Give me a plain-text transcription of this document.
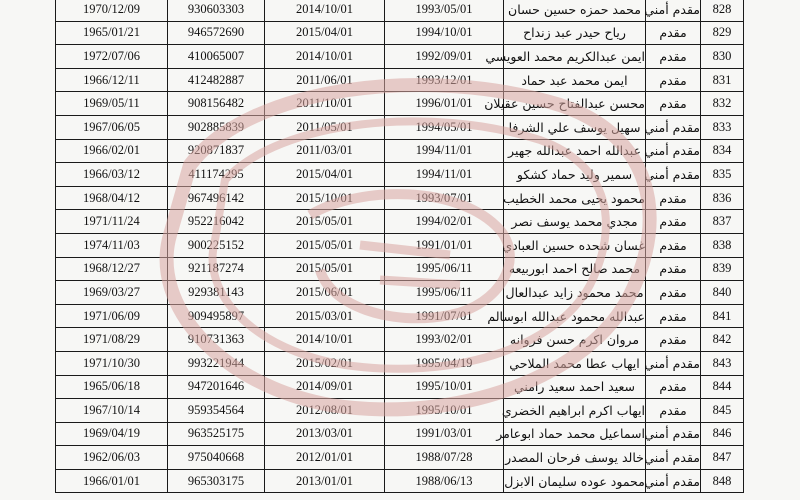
1970/12/09	930603303	2014/10/01	1993/05/01	محمد حمزه حسين حسان	مقدم أمني	828
1965/01/21	946572690	2015/04/01	1994/10/01	رياح حيدر عبد زنداح	مقدم	829
1972/07/06	410065007	2014/10/01	1992/09/01	ايمن عبدالكريم محمد العويسي	مقدم	830
1966/12/11	412482887	2011/06/01	1993/12/01	ايمن محمد عبد حماد	مقدم	831
1969/05/11	908156482	2011/10/01	1996/01/01	محسن عبدالفتاح حسين عقيلان	مقدم	832
1967/06/05	902885839	2011/05/01	1994/05/01	سهيل يوسف علي الشرفا	مقدم أمني	833
1966/02/01	920871837	2011/03/01	1994/11/01	عبدالله احمد عبدالله جهير	مقدم أمني	834
1966/03/12	411174295	2015/04/01	1994/11/01	سمير وليد حماد كشكو	مقدم أمني	835
1968/04/12	967496142	2015/10/01	1993/07/01	محمود يحيى محمد الخطيب	مقدم	836
1971/11/24	952216042	2015/05/01	1994/02/01	مجدي محمد يوسف نصر	مقدم	837
1974/11/03	900225152	2015/05/01	1991/01/01	غسان شحده حسين العبادي	مقدم	838
1968/12/27	921187274	2015/05/01	1995/06/11	محمد صالح احمد ابوربيعه	مقدم	839
1969/03/27	929381143	2015/06/01	1995/06/11	محمد محمود زايد عبدالعال	مقدم	840
1971/06/09	909495897	2015/03/01	1991/07/01	عبدالله محمود عبدالله ابوسالم	مقدم	841
1971/08/29	910731363	2014/10/01	1993/02/01	مروان اكرم حسن فروانه	مقدم	842
1971/10/30	993221944	2015/02/01	1995/04/19	ايهاب عطا محمد الملاحي	مقدم أمني	843
1965/06/18	947201646	2014/09/01	1995/10/01	سعيد احمد سعيد رامني	مقدم	844
1967/10/14	959354564	2012/08/01	1995/10/01	ايهاب اكرم ابراهيم الخضري	مقدم	845
1969/04/19	963525175	2013/03/01	1991/03/01	اسماعيل محمد حماد ابوعامر	مقدم أمني	846
1962/06/03	975040668	2012/01/01	1988/07/28	خالد يوسف فرحان المصدر	مقدم أمني	847
1966/01/01	965303175	2013/01/01	1988/06/13	محمود عوده سليمان الابزل	مقدم أمني	848
